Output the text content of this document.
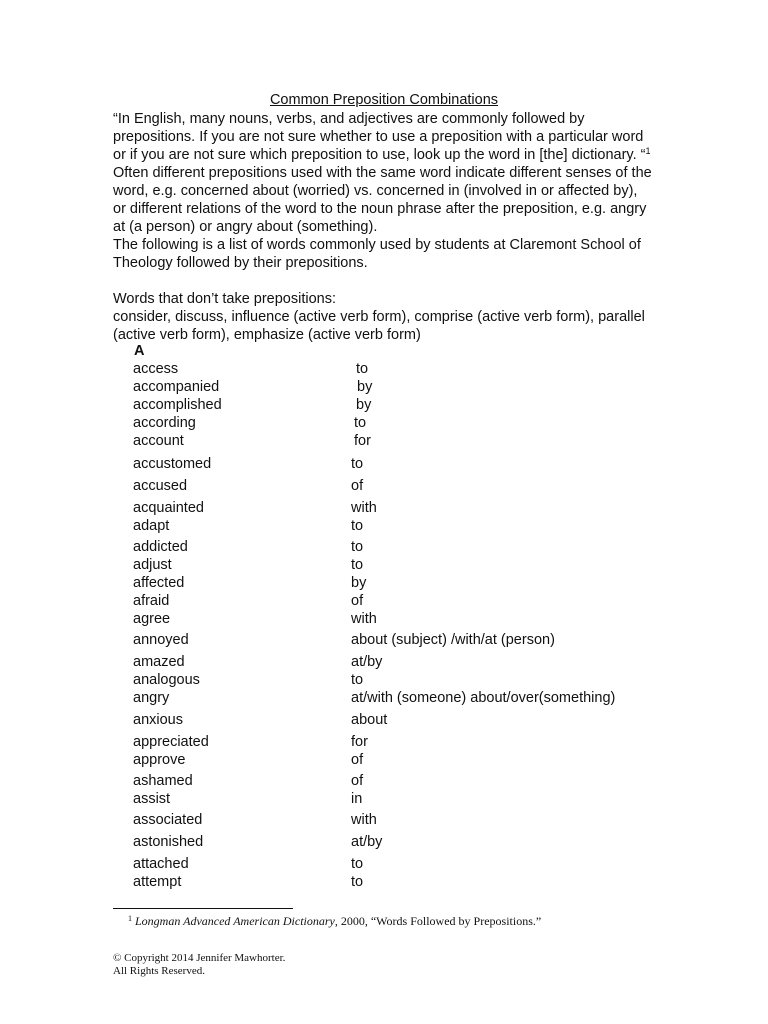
Common Preposition Combinations

“In English, many nouns, verbs, and adjectives are commonly followed by prepositions. If you are not sure whether to use a preposition with a particular word or if you are not sure which preposition to use, look up the word in [the] dictionary. “$^1$ Often different prepositions used with the same word indicate different senses of the word, e.g. concerned about (worried) vs. concerned in (involved in or affected by), or different relations of the word to the noun phrase after the preposition, e.g. angry at (a person) or angry about (something).

The following is a list of words commonly used by students at Claremont School of Theology followed by their prepositions.

Words that don’t take prepositions:

consider, discuss, influence (active verb form), comprise (active verb form), parallel (active verb form), emphasize (active verb form)

A
access	to
accompanied	by
accomplished	by
according	to
account	for
accustomed	to
accused	of
acquainted	with
adapt	to
addicted	to
adjust	to
affected	by
afraid	of
agree	with
annoyed	about (subject) /with/at (person)
amazed	at/by
analogous	to
angry	at/with (someone) about/over(something)
anxious	about
appreciated	for
approve	of
ashamed	of
assist	in
associated	with
astonished	at/by
attached	to
attempt	to
$^1$ Longman Advanced American Dictionary, 2000, “Words Followed by Prepositions.”

© Copyright 2014 Jennifer Mawhorter.

All Rights Reserved.
